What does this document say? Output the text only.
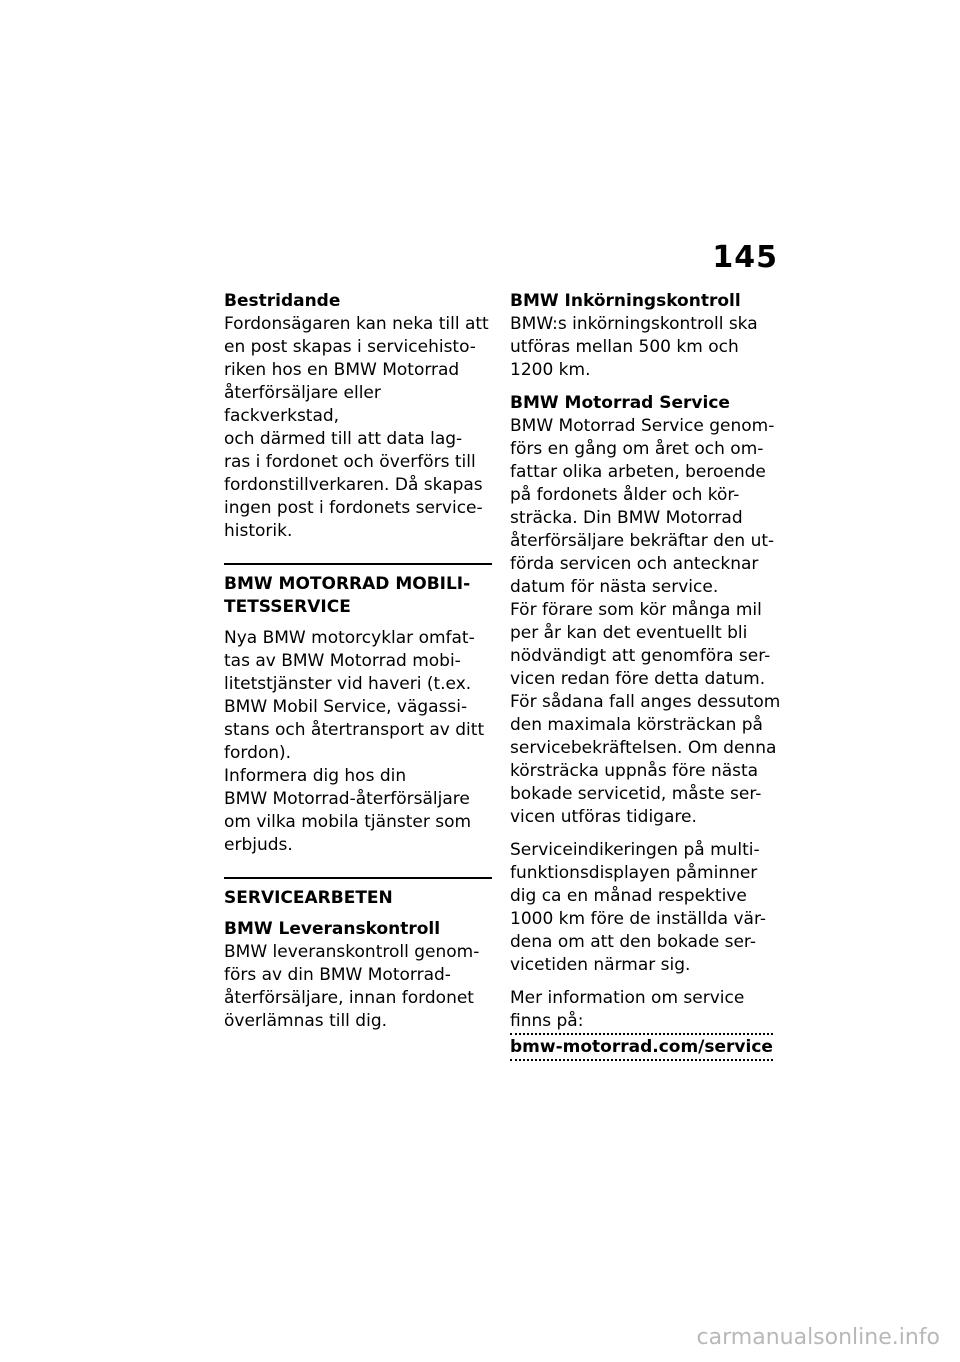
145

Bestridande

Fordonsägaren kan neka till att
en post skapas i servicehisto-
riken hos en BMW Motorrad
återförsäljare eller fackverkstad,
och därmed till att data lag-
ras i fordonet och överförs till
fordonstillverkaren. Då skapas
ingen post i fordonets service-
historik.

BMW MOTORRAD MOBILI-
TETSSERVICE

Nya BMW motorcyklar omfat-
tas av BMW Motorrad mobi-
litetstjänster vid haveri (t.ex.
BMW Mobil Service, vägassi-
stans och återtransport av ditt
fordon).

Informera dig hos din
BMW Motorrad-återförsäljare
om vilka mobila tjänster som
erbjuds.

SERVICEARBETEN

BMW Leveranskontroll

BMW leveranskontroll genom-
förs av din BMW Motorrad-
återförsäljare, innan fordonet
överlämnas till dig.

BMW Inkörningskontroll

BMW:s inkörningskontroll ska
utföras mellan 500 km och
1200 km.

BMW Motorrad Service

BMW Motorrad Service genom-
förs en gång om året och om-
fattar olika arbeten, beroende
på fordonets ålder och kör-
sträcka. Din BMW Motorrad
återförsäljare bekräftar den ut-
förda servicen och antecknar
datum för nästa service.

För förare som kör många mil
per år kan det eventuellt bli
nödvändigt att genomföra ser-
vicen redan före detta datum.
För sådana fall anges dessutom
den maximala körsträckan på
servicebekräftelsen. Om denna
körsträcka uppnås före nästa
bokade servicetid, måste ser-
vicen utföras tidigare.

Serviceindikeringen på multi-
funktionsdisplayen påminner
dig ca en månad respektive
1000 km före de inställda vär-
dena om att den bokade ser-
vicetiden närmar sig.

Mer information om service
finns på:

bmw-motorrad.com/service
carmanualsonline.info
